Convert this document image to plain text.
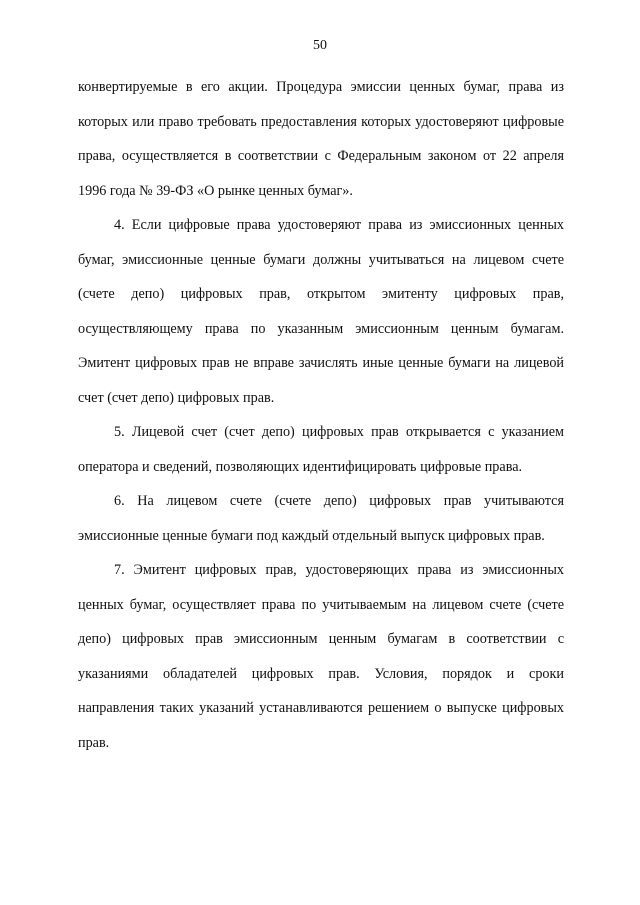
50

конвертируемые в его акции. Процедура эмиссии ценных бумаг, права из которых или право требовать предоставления которых удостоверяют цифровые права, осуществляется в соответствии с Федеральным законом от 22 апреля 1996 года № 39-ФЗ «О рынке ценных бумаг».

4. Если цифровые права удостоверяют права из эмиссионных ценных бумаг, эмиссионные ценные бумаги должны учитываться на лицевом счете (счете депо) цифровых прав, открытом эмитенту цифровых прав, осуществляющему права по указанным эмиссионным ценным бумагам. Эмитент цифровых прав не вправе зачислять иные ценные бумаги на лицевой счет (счет депо) цифровых прав.

5. Лицевой счет (счет депо) цифровых прав открывается с указанием оператора и сведений, позволяющих идентифицировать цифровые права.

6. На лицевом счете (счете депо) цифровых прав учитываются эмиссионные ценные бумаги под каждый отдельный выпуск цифровых прав.

7. Эмитент цифровых прав, удостоверяющих права из эмиссионных ценных бумаг, осуществляет права по учитываемым на лицевом счете (счете депо) цифровых прав эмиссионным ценным бумагам в соответствии с указаниями обладателей цифровых прав. Условия, порядок и сроки направления таких указаний устанавливаются решением о выпуске цифровых прав.
